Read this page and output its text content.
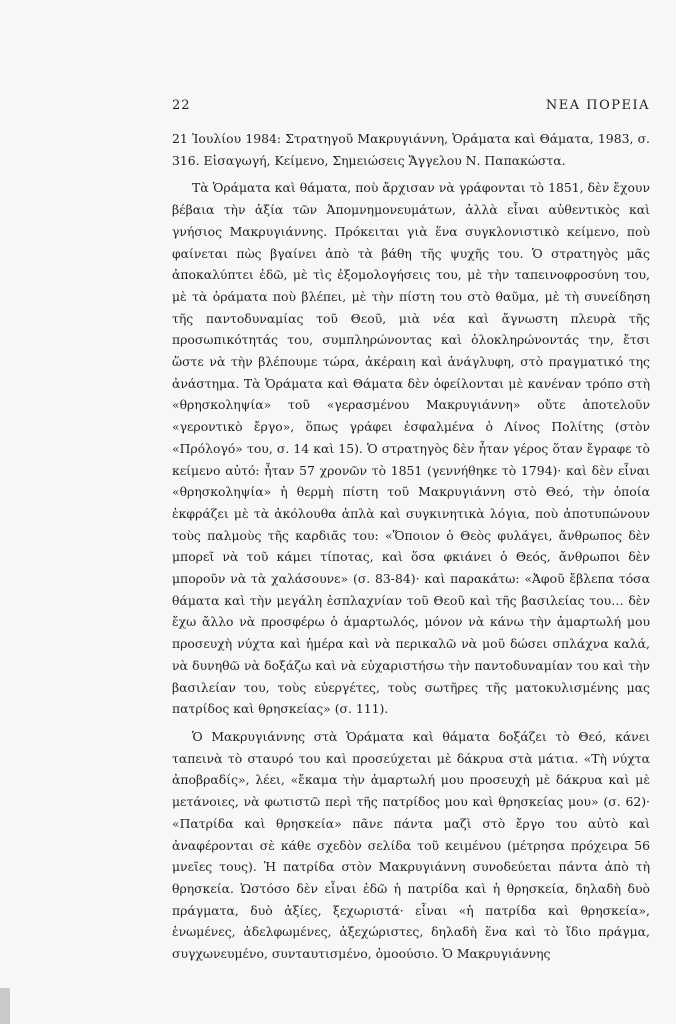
22	ΝΕΑ ΠΟΡΕΙΑ

21 Ἰουλίου 1984: Στρατηγοῦ Μακρυγιάννη, Ὁράματα καὶ Θάματα, 1983, σ. 316. Εἰσαγωγή, Κείμενο, Σημειώσεις Ἄγγελου Ν. Παπακώστα.

Τὰ Ὁράματα καὶ θάματα, ποὺ ἄρχισαν νὰ γράφονται τὸ 1851, δὲν ἔχουν βέβαια τὴν ἀξία τῶν Ἀπομνημονευμάτων, ἀλλὰ εἶναι αὐθεντικὸς καὶ γνήσιος Μακρυγιάννης. Πρόκειται γιὰ ἕνα συγκλονιστικὸ κείμενο, ποὺ φαίνεται πὼς βγαίνει ἀπὸ τὰ βάθη τῆς ψυχῆς του. Ὁ στρατηγὸς μᾶς ἀποκαλύπτει ἐδῶ, μὲ τὶς ἐξομολογήσεις του, μὲ τὴν ταπεινοφροσύνη του, μὲ τὰ ὁράματα ποὺ βλέπει, μὲ τὴν πίστη του στὸ θαῦμα, μὲ τὴ συνείδηση τῆς παντοδυναμίας τοῦ Θεοῦ, μιὰ νέα καὶ ἄγνωστη πλευρὰ τῆς προσωπικότητάς του, συμπληρώνοντας καὶ ὁλοκληρώνοντάς την, ἔτσι ὥστε νὰ τὴν βλέπουμε τώρα, ἀκέραιη καὶ ἀνάγλυφη, στὸ πραγματικό της ἀνάστημα. Τὰ Ὁράματα καὶ Θάματα δὲν ὀφείλονται μὲ κανέναν τρόπο στὴ «θρησκοληψία» τοῦ «γερασμένου Μακρυγιάννη» οὔτε ἀποτελοῦν «γεροντικὸ ἔργο», ὅπως γράφει ἐσφαλμένα ὁ Λίνος Πολίτης (στὸν «Πρόλογό» του, σ. 14 καὶ 15). Ὁ στρατηγὸς δὲν ἦταν γέρος ὅταν ἔγραφε τὸ κείμενο αὐτό: ἦταν 57 χρονῶν τὸ 1851 (γεννήθηκε τὸ 1794)· καὶ δὲν εἶναι «θρησκοληψία» ἡ θερμὴ πίστη τοῦ Μακρυγιάννη στὸ Θεό, τὴν ὁποία ἐκφράζει μὲ τὰ ἀκόλουθα ἁπλὰ καὶ συγκινητικὰ λόγια, ποὺ ἀποτυπώνουν τοὺς παλμοὺς τῆς καρδιᾶς του: «Ὅποιον ὁ Θεὸς φυλάγει, ἄνθρωπος δὲν μπορεῖ νὰ τοῦ κάμει τίποτας, καὶ ὅσα φκιάνει ὁ Θεός, ἄνθρωποι δὲν μποροῦν νὰ τὰ χαλάσουνε» (σ. 83-84)· καὶ παρακάτω: «Ἀφοῦ ἔβλεπα τόσα θάματα καὶ τὴν μεγάλη ἐσπλαχνίαν τοῦ Θεοῦ καὶ τῆς βασιλείας του… δὲν ἔχω ἄλλο νὰ προσφέρω ὁ ἁμαρτωλός, μόνον νὰ κάνω τὴν ἁμαρτωλή μου προσευχὴ νύχτα καὶ ἡμέρα καὶ νὰ περικαλῶ νὰ μοῦ δώσει σπλάχνα καλά, νὰ δυνηθῶ νὰ δοξάζω καὶ νὰ εὐχαριστήσω τὴν παντοδυναμίαν του καὶ τὴν βασιλείαν του, τοὺς εὐεργέτες, τοὺς σωτῆρες τῆς ματοκυλισμένης μας πατρίδος καὶ θρησκείας» (σ. 111).

Ὁ Μακρυγιάννης στὰ Ὁράματα καὶ θάματα δοξάζει τὸ Θεό, κάνει ταπεινὰ τὸ σταυρό του καὶ προσεύχεται μὲ δάκρυα στὰ μάτια. «Τὴ νύχτα ἀποβραδίς», λέει, «ἔκαμα τὴν ἁμαρτωλή μου προσευχὴ μὲ δάκρυα καὶ μὲ μετάνοιες, νὰ φωτιστῶ περὶ τῆς πατρίδος μου καὶ θρησκείας μου» (σ. 62)· «Πατρίδα καὶ θρησκεία» πᾶνε πάντα μαζὶ στὸ ἔργο του αὐτὸ καὶ ἀναφέρονται σὲ κάθε σχεδὸν σελίδα τοῦ κειμένου (μέτρησα πρόχειρα 56 μνεῖες τους). Ἡ πατρίδα στὸν Μακρυγιάννη συνοδεύεται πάντα ἀπὸ τὴ θρησκεία. Ὡστόσο δὲν εἶναι ἐδῶ ἡ πατρίδα καὶ ἡ θρησκεία, δηλαδὴ δυὸ πράγματα, δυὸ ἀξίες, ξεχωριστά· εἶναι «ἡ πατρίδα καὶ θρησκεία», ἑνωμένες, ἀδελφωμένες, ἀξεχώριστες, δηλαδὴ ἕνα καὶ τὸ ἴδιο πράγμα, συγχωνευμένο, συνταυτισμένο, ὁμοούσιο. Ὁ Μακρυγιάννης
